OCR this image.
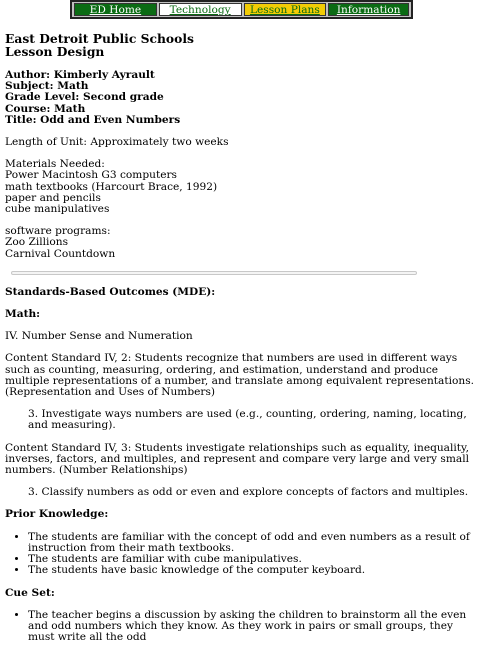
ED Home	Technology	Lesson Plans	Information
East Detroit Public Schools
Lesson Design
Author: Kimberly Ayrault
Subject: Math
Grade Level: Second grade
Course: Math
Title: Odd and Even Numbers

Length of Unit: Approximately two weeks

Materials Needed:
Power Macintosh G3 computers
math textbooks (Harcourt Brace, 1992)
paper and pencils
cube manipulatives

software programs:
Zoo Zillions
Carnival Countdown

Standards-Based Outcomes (MDE):
Math:

IV. Number Sense and Numeration

Content Standard IV, 2: Students recognize that numbers are used in different ways such as counting, measuring, ordering, and estimation, understand and produce multiple representations of a number, and translate among equivalent representations. (Representation and Uses of Numbers)

3. Investigate ways numbers are used (e.g., counting, ordering, naming, locating, and measuring).

Content Standard IV, 3: Students investigate relationships such as equality, inequality, inverses, factors, and multiples, and represent and compare very large and very small numbers. (Number Relationships)

3. Classify numbers as odd or even and explore concepts of factors and multiples.

Prior Knowledge:
• The students are familiar with the concept of odd and even numbers as a result of instruction from their math textbooks.
• The students are familiar with cube manipulatives.
• The students have basic knowledge of the computer keyboard.
Cue Set:
• The teacher begins a discussion by asking the children to brainstorm all the even and odd numbers which they know. As they work in pairs or small groups, they must write all the odd
